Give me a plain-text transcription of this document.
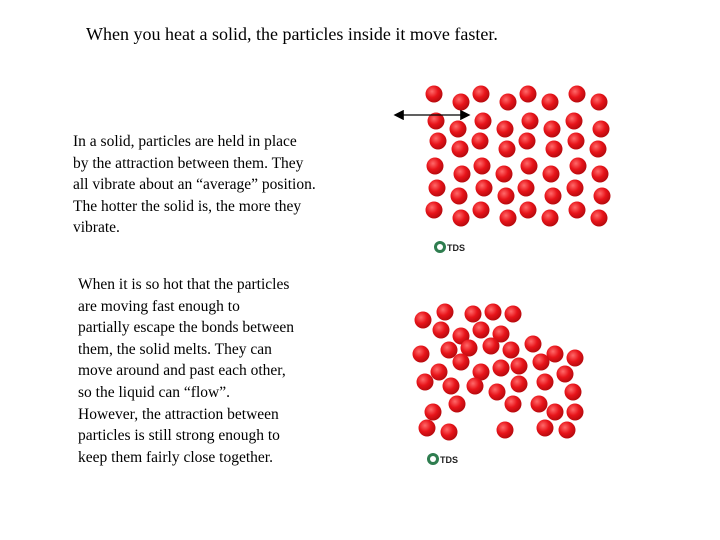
When you heat a solid, the particles inside it move faster.
In a solid, particles are held in place
by the attraction between them. They
all vibrate about an “average” position.
The hotter the solid is, the more they
vibrate.
When it is so hot that the particles
are moving fast enough to
partially escape the bonds between
them, the solid melts. They can
move around and past each other,
so the liquid can “flow”.
However, the attraction between
particles is still strong enough to
keep them fairly close together.
TDS
TDS
